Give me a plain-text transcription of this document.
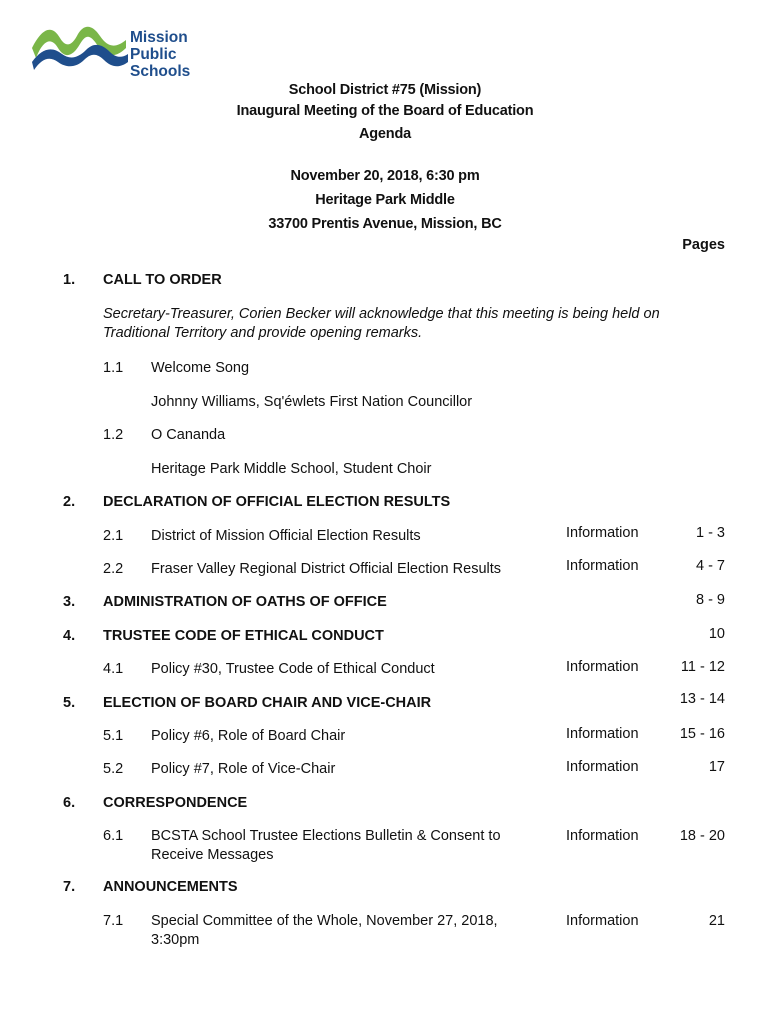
Mission
Public Schools
School District #75 (Mission)
Inaugural Meeting of the Board of Education
Agenda
November 20, 2018, 6:30 pm
Heritage Park Middle
33700 Prentis Avenue, Mission, BC
Pages
1. CALL TO ORDER
Secretary-Treasurer, Corien Becker will acknowledge that this meeting is being held on Traditional Territory and provide opening remarks.
1.1 Welcome Song
Johnny Williams, Sq'éwlets First Nation Councillor
1.2 O Cananda
Heritage Park Middle School, Student Choir
2. DECLARATION OF OFFICIAL ELECTION RESULTS
2.1 District of Mission Official Election Results	Information	1 - 3
2.2 Fraser Valley Regional District Official Election Results	Information	4 - 7
3. ADMINISTRATION OF OATHS OF OFFICE	8 - 9
4. TRUSTEE CODE OF ETHICAL CONDUCT	10
4.1 Policy #30, Trustee Code of Ethical Conduct	Information	11 - 12
5. ELECTION OF BOARD CHAIR AND VICE-CHAIR	13 - 14
5.1 Policy #6, Role of Board Chair	Information	15 - 16
5.2 Policy #7, Role of Vice-Chair	Information	17
6. CORRESPONDENCE
6.1 BCSTA School Trustee Elections Bulletin & Consent to Receive Messages
Information	18 - 20
7. ANNOUNCEMENTS
7.1 Special Committee of the Whole, November 27, 2018, 3:30pm
Information	21
